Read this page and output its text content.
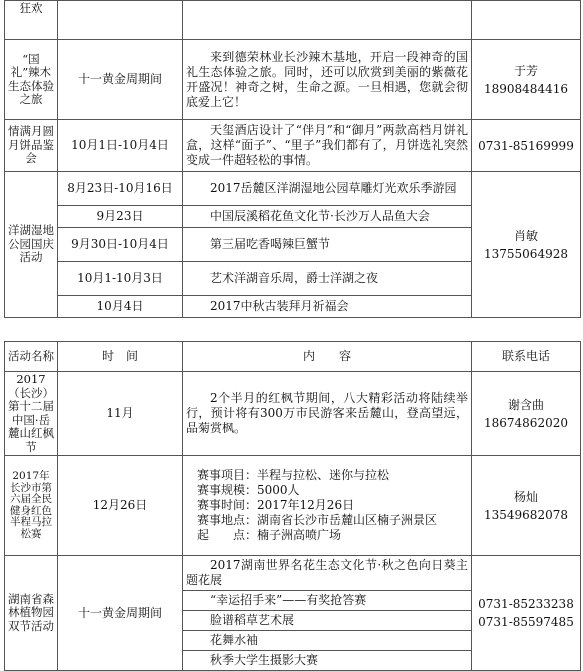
狂欢			
“国礼”辣木生态体验之旅	十一黄金周期间	来到德荣林业长沙辣木基地，开启一段神奇的国礼生态体验之旅。同时，还可以欣赏到美丽的紫薇花开盛况！神奇之树，生命之源。一旦相遇，您就会彻底爱上它！	于芳
18908484416

情满月圆月饼品鉴会	10月1日-10月4日	天玺酒店设计了“伴月”和“御月”两款高档月饼礼盒，这样“面子”、“里子”我们都有了，月饼选礼突然变成一件超轻松的事情。	0731-85169999
洋湖湿地公园国庆活动	8月23日-10月16日	2017岳麓区洋湖湿地公园草雕灯光欢乐季游园	肖敏
13755064928

	9月23日	中国辰溪稻花鱼文化节·长沙万人品鱼大会	
	9月30日-10月4日	第三届吃香喝辣巨蟹节	
	10月1-10月3日	艺术洋湖音乐周，爵士洋湖之夜	
	10月4日	2017中秋古装拜月祈福会	
活动名称	时　间	内　　容	联系电话
2017（长沙）第十二届中国·岳麓山红枫节	11月	2个半月的红枫节期间，八大精彩活动将陆续举行，预计将有300万市民游客来岳麓山，登高望远，品菊赏枫。	谢含曲
18674862020

2017年长沙市第六届全民健身红色半程马拉松赛	12月26日	赛事项目：半程与拉松、迷你与拉松
赛事规模：5000人
赛事时间：2017年12月26日
赛事地点：湖南省长沙市岳麓山区楠子洲景区
起　　点：楠子洲高喷广场	杨灿
13549682078

湖南省森林植物园双节活动	十一黄金周期间	2017湖南世界名花生态文化节·秋之色向日葵主题花展	0731-85233238
0731-85597485

		“幸运招手来”——有奖抢答赛	
		脸谱稻草艺术展	
		花舞水袖	
		秋季大学生摄影大赛	
